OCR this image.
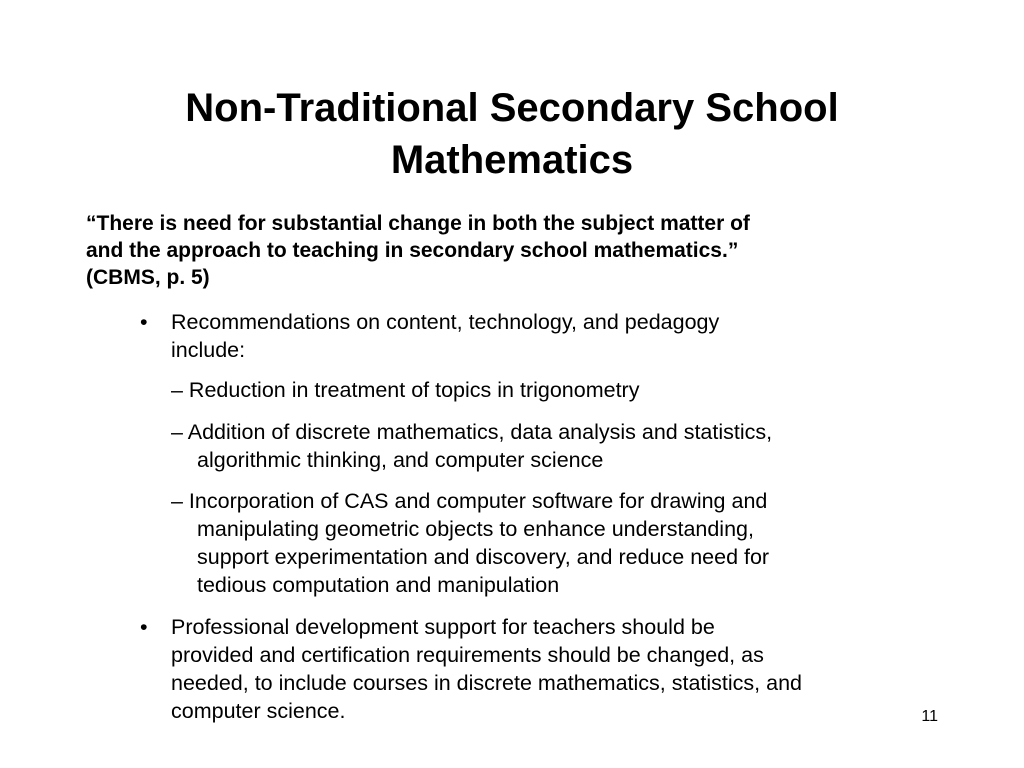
Non-Traditional Secondary School
Mathematics
“There is need for substantial change in both the subject matter of
and the approach to teaching in secondary school mathematics.”
(CBMS, p. 5)
• Recommendations on content, technology, and pedagogy
include:
• Professional development support for teachers should be
provided and certification requirements should be changed, as
needed, to include courses in discrete mathematics, statistics, and
computer science.
– Reduction in treatment of topics in trigonometry
– Addition of discrete mathematics, data analysis and statistics,
algorithmic thinking, and computer science
– Incorporation of CAS and computer software for drawing and
manipulating geometric objects to enhance understanding,
support experimentation and discovery, and reduce need for
tedious computation and manipulation
11
